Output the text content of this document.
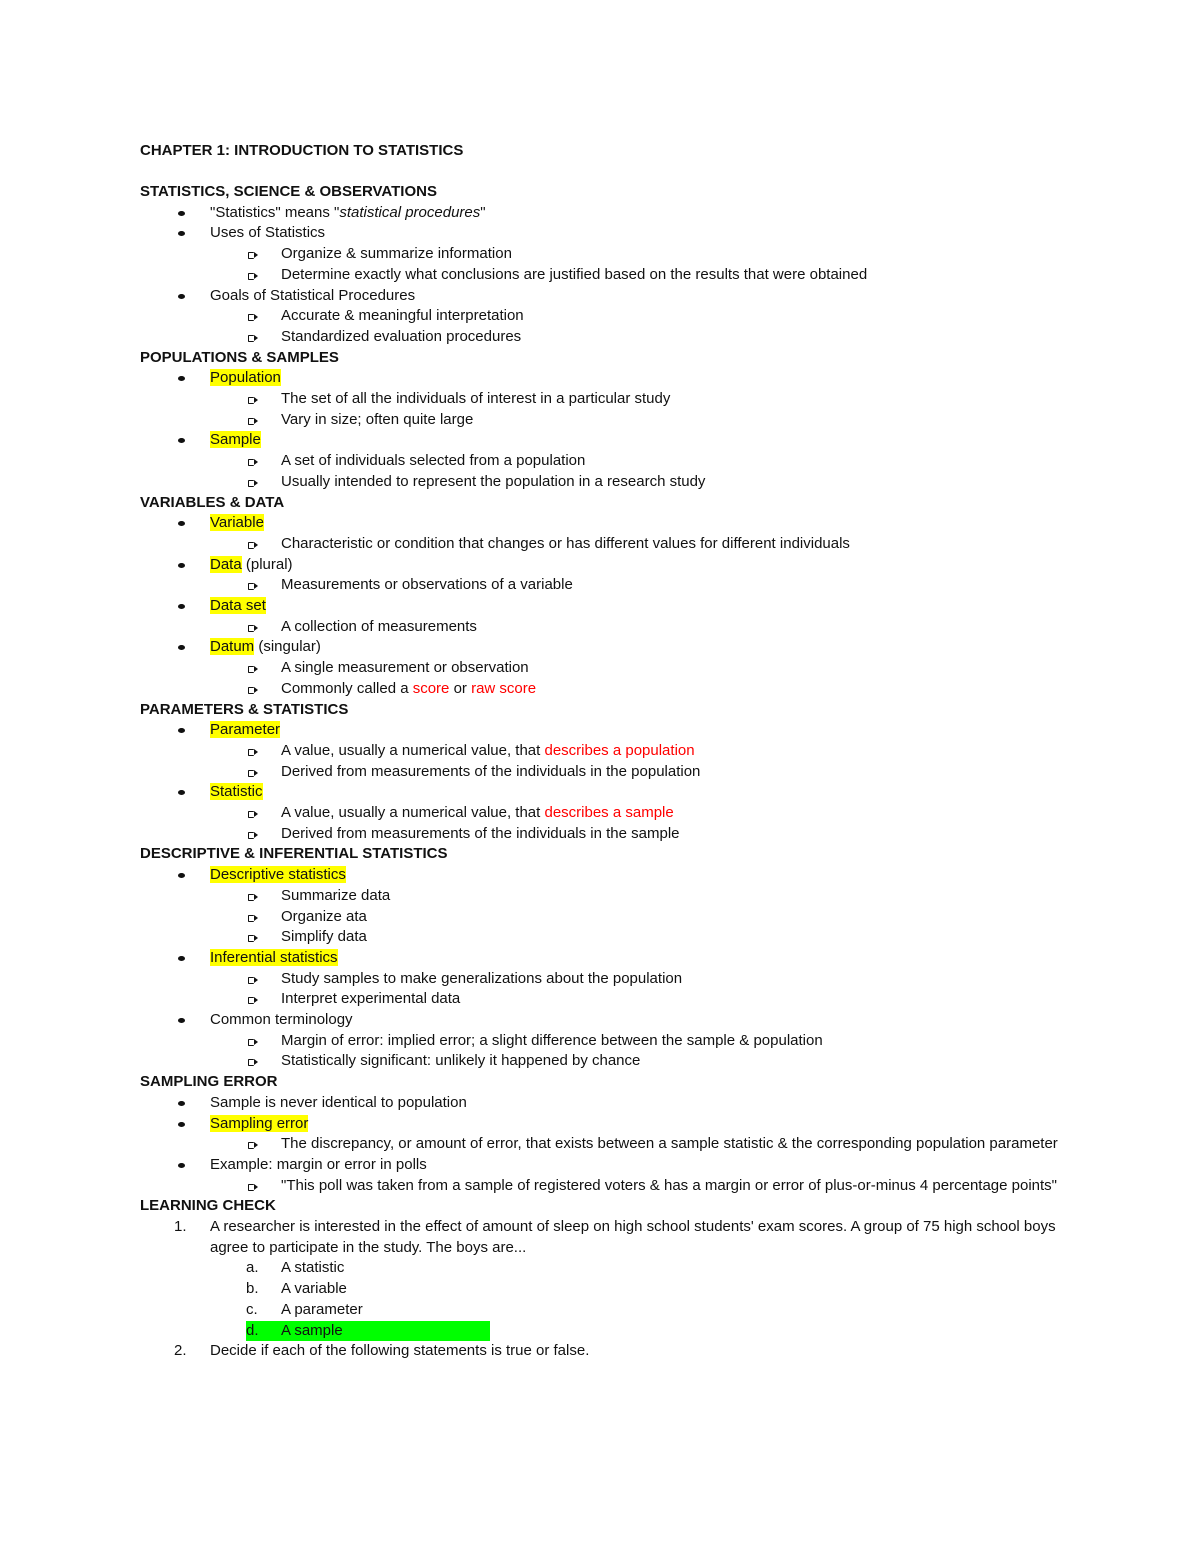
CHAPTER 1: INTRODUCTION TO STATISTICS
STATISTICS, SCIENCE & OBSERVATIONS
"Statistics" means "statistical procedures"
Uses of Statistics
Organize & summarize information
Determine exactly what conclusions are justified based on the results that were obtained
Goals of Statistical Procedures
Accurate & meaningful interpretation
Standardized evaluation procedures
POPULATIONS & SAMPLES
Population
The set of all the individuals of interest in a particular study
Vary in size; often quite large
Sample
A set of individuals selected from a population
Usually intended to represent the population in a research study
VARIABLES & DATA
Variable
Characteristic or condition that changes or has different values for different individuals
Data (plural)
Measurements or observations of a variable
Data set
A collection of measurements
Datum (singular)
A single measurement or observation
Commonly called a score or raw score
PARAMETERS & STATISTICS
Parameter
A value, usually a numerical value, that describes a population
Derived from measurements of the individuals in the population
Statistic
A value, usually a numerical value, that describes a sample
Derived from measurements of the individuals in the sample
DESCRIPTIVE & INFERENTIAL STATISTICS
Descriptive statistics
Summarize data
Organize ata
Simplify data
Inferential statistics
Study samples to make generalizations about the population
Interpret experimental data
Common terminology
Margin of error: implied error; a slight difference between the sample & population
Statistically significant: unlikely it happened by chance
SAMPLING ERROR
Sample is never identical to population
Sampling error
The discrepancy, or amount of error, that exists between a sample statistic & the corresponding population parameter
Example: margin or error in polls
"This poll was taken from a sample of registered voters & has a margin or error of plus-or-minus 4 percentage points"
LEARNING CHECK
1. A researcher is interested in the effect of amount of sleep on high school students' exam scores. A group of 75 high school boys agree to participate in the study. The boys are...
a. A statistic
b. A variable
c. A parameter
d. A sample
2. Decide if each of the following statements is true or false.
